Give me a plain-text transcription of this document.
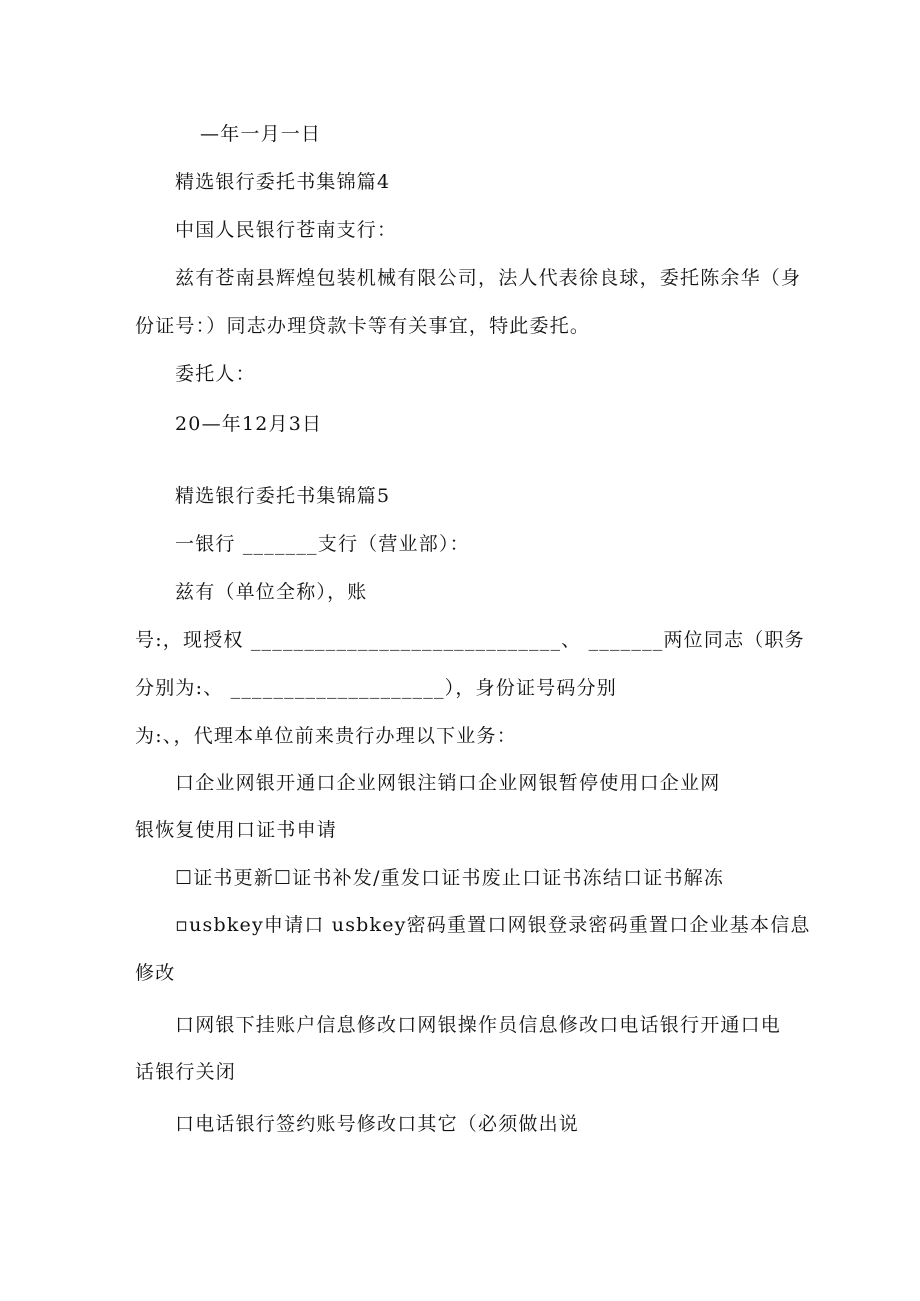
—年一月一日
精选银行委托书集锦篇4
中国人民银行苍南支行：
兹有苍南县辉煌包装机械有限公司，法人代表徐良球，委托陈余华（身
份证号：）同志办理贷款卡等有关事宜，特此委托。
委托人：
20—年12月3日
精选银行委托书集锦篇5
一银行 _______支行（营业部）：
兹有（单位全称），账
号:，现授权 _____________________________、 _______两位同志（职务
分别为:、 ____________________），身份证号码分别
为:、，代理本单位前来贵行办理以下业务：
口企业网银开通口企业网银注销口企业网银暂停使用口企业网
银恢复使用口证书申请
☐证书更新☐证书补发/重发口证书废止口证书冻结口证书解冻
▫usbkey申请口 usbkey密码重置口网银登录密码重置口企业基本信息
修改
口网银下挂账户信息修改口网银操作员信息修改口电话银行开通口电
话银行关闭
口电话银行签约账号修改口其它（必须做出说
